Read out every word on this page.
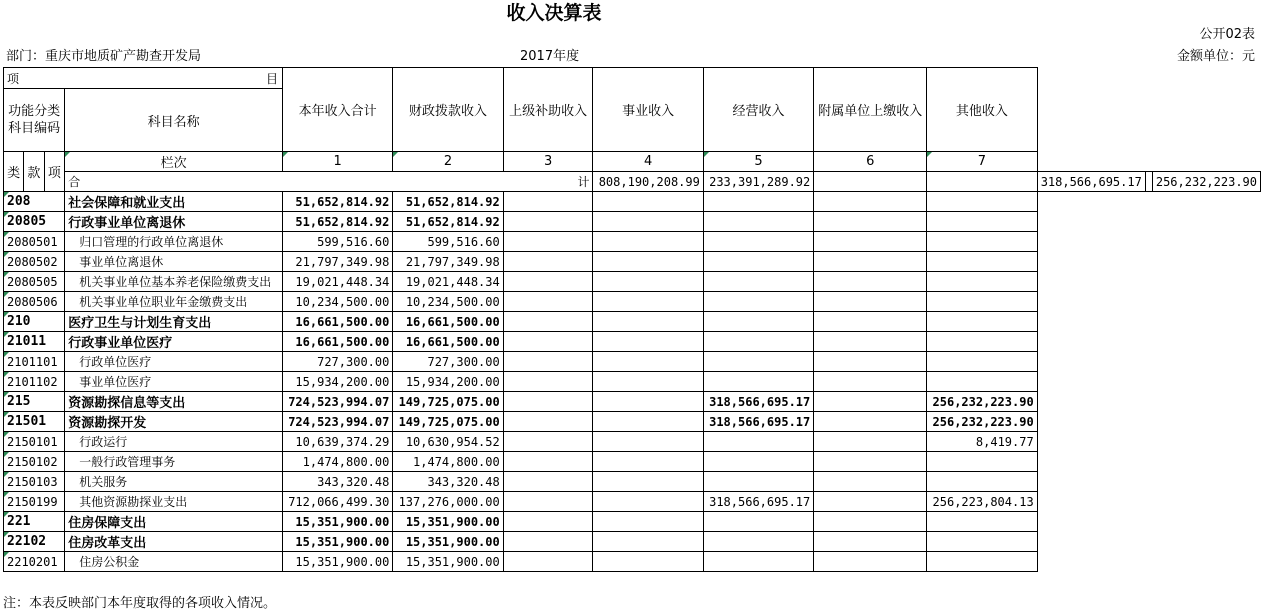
收入决算表
公开02表
部门：重庆市地质矿产勘查开发局	2017年度	金额单位：元
项 目				本年收入合计	财政拨款收入	上级补助收入	事业收入	经营收入	附属单位上缴收入	其他收入			
功能分类科目编码			科目名称										
类	款	项	栏次	1	2	3	4	5	6	7			
			合 计				808,190,208.99	233,391,289.92			318,566,695.17		256,232,223.90
208			社会保障和就业支出	51,652,814.92	51,652,814.92								
20805			行政事业单位离退休	51,652,814.92	51,652,814.92								
2080501			归口管理的行政单位离退休	599,516.60	599,516.60								
2080502			事业单位离退休	21,797,349.98	21,797,349.98								
2080505			机关事业单位基本养老保险缴费支出	19,021,448.34	19,021,448.34								
2080506			机关事业单位职业年金缴费支出	10,234,500.00	10,234,500.00								
210			医疗卫生与计划生育支出	16,661,500.00	16,661,500.00								
21011			行政事业单位医疗	16,661,500.00	16,661,500.00								
2101101			行政单位医疗	727,300.00	727,300.00								
2101102			事业单位医疗	15,934,200.00	15,934,200.00								
215			资源勘探信息等支出	724,523,994.07	149,725,075.00			318,566,695.17		256,232,223.90			
21501			资源勘探开发	724,523,994.07	149,725,075.00			318,566,695.17		256,232,223.90			
2150101			行政运行	10,639,374.29	10,630,954.52					8,419.77			
2150102			一般行政管理事务	1,474,800.00	1,474,800.00								
2150103			机关服务	343,320.48	343,320.48								
2150199			其他资源勘探业支出	712,066,499.30	137,276,000.00			318,566,695.17		256,223,804.13			
221			住房保障支出	15,351,900.00	15,351,900.00								
22102			住房改革支出	15,351,900.00	15,351,900.00								
2210201			住房公积金	15,351,900.00	15,351,900.00								
注：本表反映部门本年度取得的各项收入情况。
